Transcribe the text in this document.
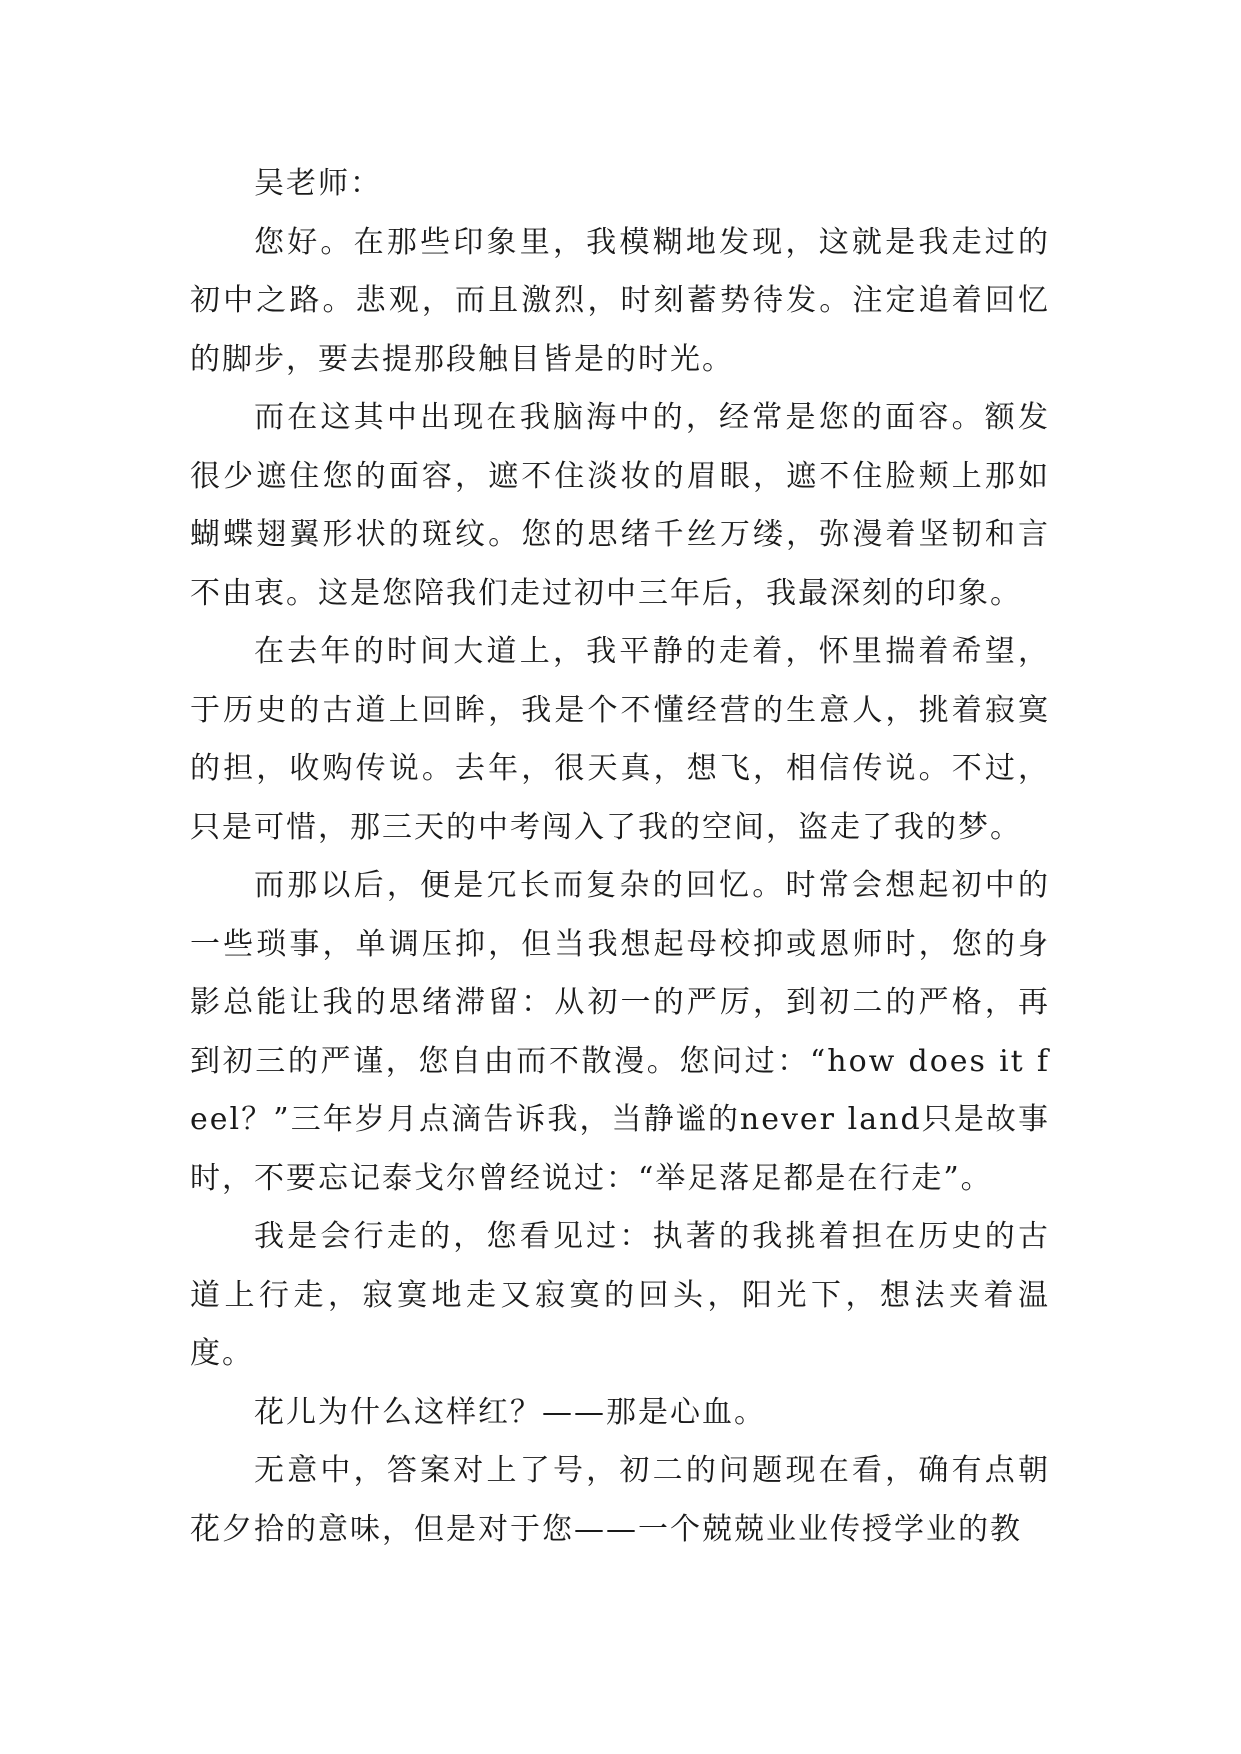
吴老师：

您好。在那些印象里，我模糊地发现，这就是我走过的初中之路。悲观，而且激烈，时刻蓄势待发。注定追着回忆的脚步，要去提那段触目皆是的时光。

而在这其中出现在我脑海中的，经常是您的面容。额发很少遮住您的面容，遮不住淡妆的眉眼，遮不住脸颊上那如蝴蝶翅翼形状的斑纹。您的思绪千丝万缕，弥漫着坚韧和言不由衷。这是您陪我们走过初中三年后，我最深刻的印象。

在去年的时间大道上，我平静的走着，怀里揣着希望，于历史的古道上回眸，我是个不懂经营的生意人，挑着寂寞的担，收购传说。去年，很天真，想飞，相信传说。不过，只是可惜，那三天的中考闯入了我的空间，盗走了我的梦。

而那以后，便是冗长而复杂的回忆。时常会想起初中的一些琐事，单调压抑，但当我想起母校抑或恩师时，您的身影总能让我的思绪滞留：从初一的严厉，到初二的严格，再到初三的严谨，您自由而不散漫。您问过：“how does it feel？”三年岁月点滴告诉我，当静谧的never land只是故事时，不要忘记泰戈尔曾经说过：“举足落足都是在行走”。

我是会行走的，您看见过：执著的我挑着担在历史的古道上行走，寂寞地走又寂寞的回头，阳光下，想法夹着温度。

花儿为什么这样红？——那是心血。

无意中，答案对上了号，初二的问题现在看，确有点朝花夕拾的意味，但是对于您——一个兢兢业业传授学业的教
